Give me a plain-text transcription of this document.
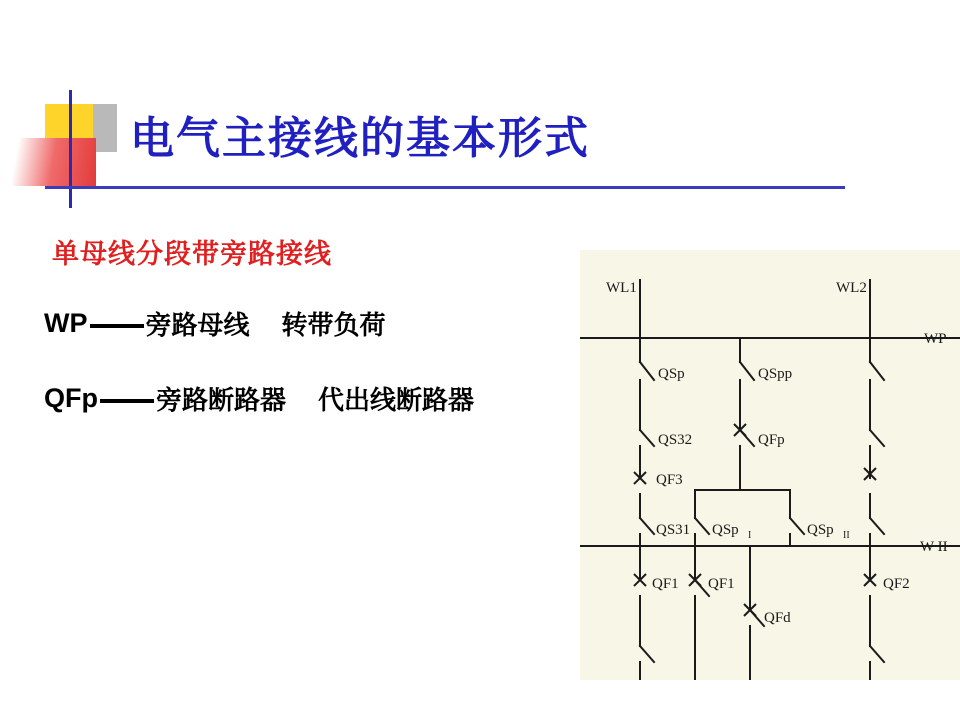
电气主接线的基本形式
单母线分段带旁路接线
WP 旁路母线 转带负荷
QFp 旁路断路器 代出线断路器
WL1	WL2
WP
QSp	QSpp
QS32	QFp
QF3
QS31 QSp I	QSp II
W II
QF1
QF1	QF2
QFd
